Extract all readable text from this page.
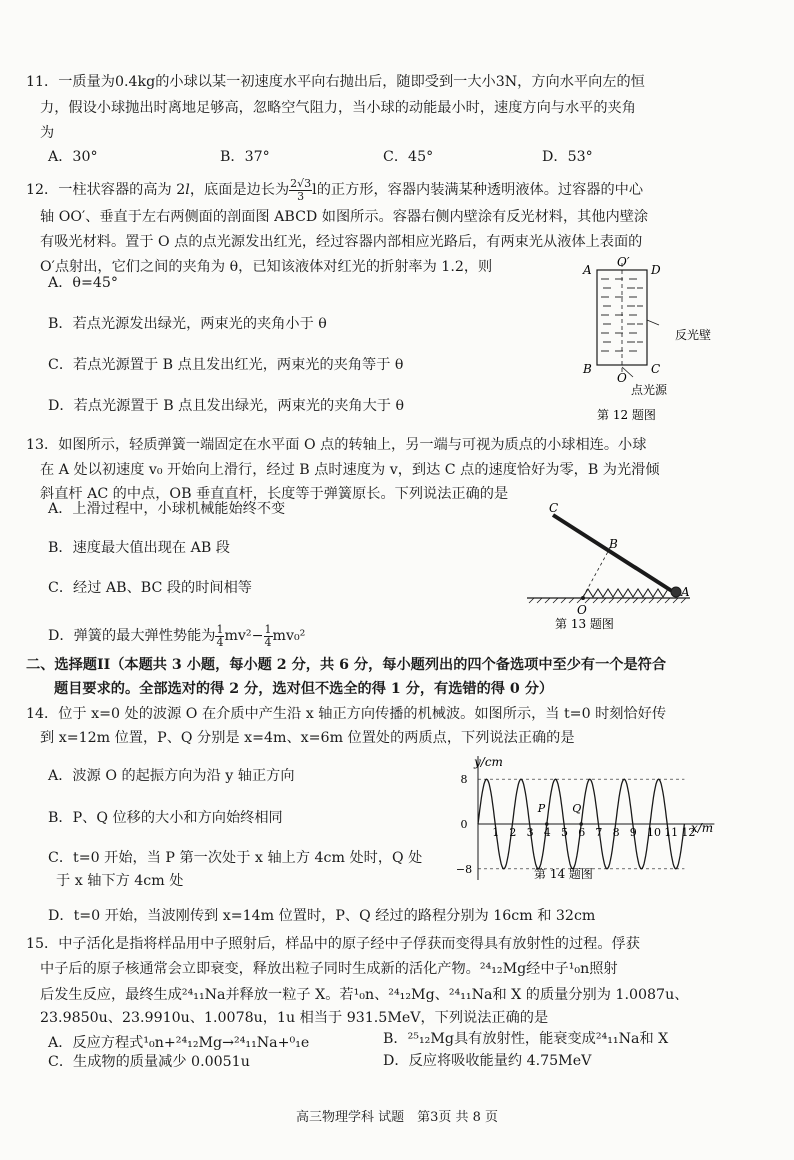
11．一质量为0.4kg的小球以某一初速度水平向右抛出后，随即受到一大小3N，方向水平向左的恒
力，假设小球抛出时离地足够高，忽略空气阻力，当小球的动能最小时，速度方向与水平的夹角
为
A．30°	B．37°	C．45°	D．53°
12．一柱状容器的高为 2l，底面是边长为 $\frac{2√3}{3}$ l的正方形，容器内装满某种透明液体。过容器的中心
轴 OO′、垂直于左右两侧面的剖面图 ABCD 如图所示。容器右侧内壁涂有反光材料，其他内壁涂
有吸光材料。置于 O 点的点光源发出红光，经过容器内部相应光路后，有两束光从液体上表面的
O′点射出，它们之间的夹角为 θ，已知该液体对红光的折射率为 1.2，则
A．θ=45°
B．若点光源发出绿光，两束光的夹角小于 θ
C．若点光源置于 B 点且发出红光，两束光的夹角等于 θ
D．若点光源置于 B 点且发出绿光，两束光的夹角大于 θ
A	D
O′
B	C
O
反光壁
点光源
第 12 题图
13．如图所示，轻质弹簧一端固定在水平面 O 点的转轴上，另一端与可视为质点的小球相连。小球
在 A 处以初速度 v₀ 开始向上滑行，经过 B 点时速度为 v，到达 C 点的速度恰好为零，B 为光滑倾
斜直杆 AC 的中点，OB 垂直直杆，长度等于弹簧原长。下列说法正确的是
A．上滑过程中，小球机械能始终不变
B．速度最大值出现在 AB 段
C．经过 AB、BC 段的时间相等
D．弹簧的最大弹性势能为 $\frac{1}{4} mv^2- \frac{1}{4} mv_0^2$
C
B
A
O
第 13 题图
二、选择题II（本题共 3 小题，每小题 2 分，共 6 分，每小题列出的四个备选项中至少有一个是符合
题目要求的。全部选对的得 2 分，选对但不选全的得 1 分，有选错的得 0 分）
14．位于 x=0 处的波源 O 在介质中产生沿 x 轴正方向传播的机械波。如图所示，当 t=0 时刻恰好传
到 x=12m 位置，P、Q 分别是 x=4m、x=6m 位置处的两质点，下列说法正确的是
A．波源 O 的起振方向为沿 y 轴正方向
B．P、Q 位移的大小和方向始终相同
C．t=0 开始，当 P 第一次处于 x 轴上方 4cm 处时，Q 处
于 x 轴下方 4cm 处
D．t=0 开始，当波刚传到 x=14m 位置时，P、Q 经过的路程分别为 16cm 和 32cm
1 2 3 4 5 6 7 8 9 10 11 12
8
0
−8
P Q
y/cm
x/m
第 14 题图
15．中子活化是指将样品用中子照射后，样品中的原子经中子俘获而变得具有放射性的过程。俘获
中子后的原子核通常会立即衰变，释放出粒子同时生成新的活化产物。²⁴₁₂Mg经中子¹₀n照射
后发生反应，最终生成²⁴₁₁Na并释放一粒子 X。若¹₀n、²⁴₁₂Mg、²⁴₁₁Na和 X 的质量分别为 1.0087u、
23.9850u、23.9910u、1.0078u，1u 相当于 931.5MeV，下列说法正确的是
A．反应方程式¹₀n+²⁴₁₂Mg→²⁴₁₁Na+⁰₁e	B．²⁵₁₂Mg具有放射性，能衰变成²⁴₁₁Na和 X
C．生成物的质量减少 0.0051u	D．反应将吸收能量约 4.75MeV
高三物理学科 试题　第3页 共 8 页
